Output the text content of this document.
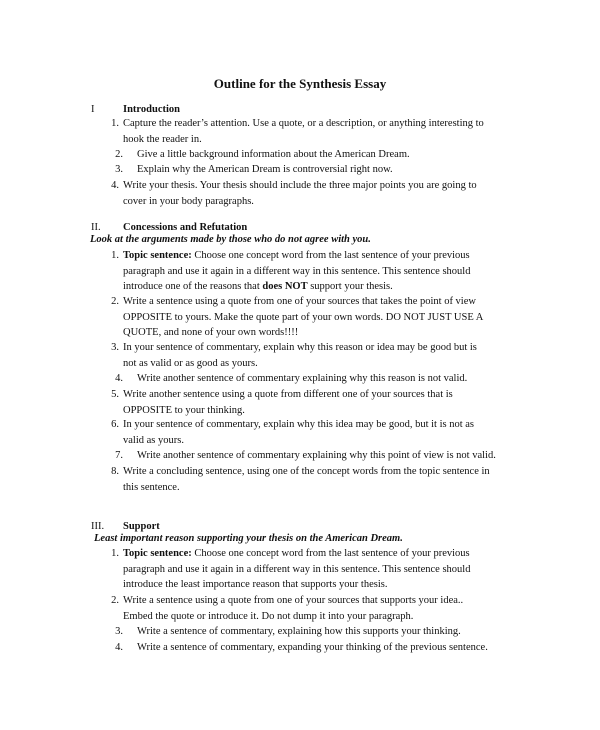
Outline for the Synthesis Essay
I	Introduction
1. Capture the reader’s attention. Use a quote, or a description, or anything interesting to
hook the reader in.
2. Give a little background information about the American Dream.
3. Explain why the American Dream is controversial right now.
4. Write your thesis. Your thesis should include the three major points you are going to
cover in your body paragraphs.
II. Concessions and Refutation
Look at the arguments made by those who do not agree with you.
1. Topic sentence: Choose one concept word from the last sentence of your previous
paragraph and use it again in a different way in this sentence. This sentence should
introduce one of the reasons that does NOT support your thesis.
2. Write a sentence using a quote from one of your sources that takes the point of view
OPPOSITE to yours. Make the quote part of your own words. DO NOT JUST USE A
QUOTE, and none of your own words!!!!
3. In your sentence of commentary, explain why this reason or idea may be good but is
not as valid or as good as yours.
4. Write another sentence of commentary explaining why this reason is not valid.
5. Write another sentence using a quote from different one of your sources that is
OPPOSITE to your thinking.
6. In your sentence of commentary, explain why this idea may be good, but it is not as
valid as yours.
7. Write another sentence of commentary explaining why this point of view is not valid.
8. Write a concluding sentence, using one of the concept words from the topic sentence in
this sentence.
III. Support
Least important reason supporting your thesis on the American Dream.
1. Topic sentence: Choose one concept word from the last sentence of your previous
paragraph and use it again in a different way in this sentence. This sentence should
introduce the least importance reason that supports your thesis.
2. Write a sentence using a quote from one of your sources that supports your idea..
Embed the quote or introduce it. Do not dump it into your paragraph.
3. Write a sentence of commentary, explaining how this supports your thinking.
4. Write a sentence of commentary, expanding your thinking of the previous sentence.
